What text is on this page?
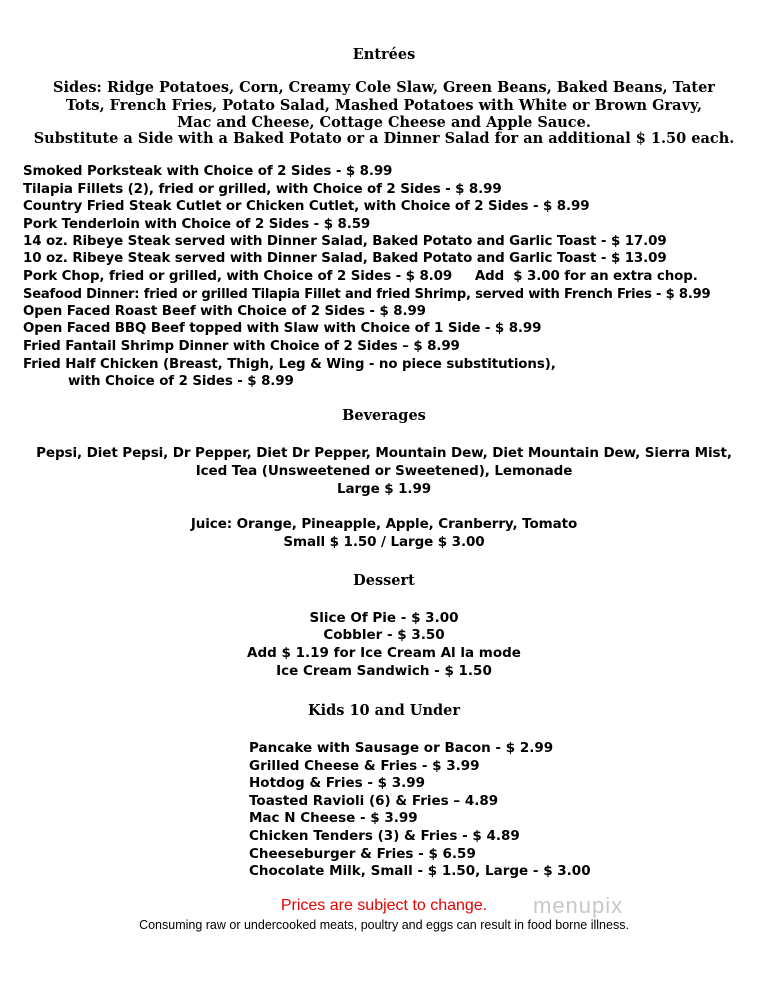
Entrées
Sides: Ridge Potatoes, Corn, Creamy Cole Slaw, Green Beans, Baked Beans, Tater
Tots, French Fries, Potato Salad, Mashed Potatoes with White or Brown Gravy,
Mac and Cheese, Cottage Cheese and Apple Sauce.
Substitute a Side with a Baked Potato or a Dinner Salad for an additional $ 1.50 each.
Smoked Porksteak with Choice of 2 Sides - $ 8.99
Tilapia Fillets (2), fried or grilled, with Choice of 2 Sides - $ 8.99
Country Fried Steak Cutlet or Chicken Cutlet, with Choice of 2 Sides - $ 8.99
Pork Tenderloin with Choice of 2 Sides - $ 8.59
14 oz. Ribeye Steak served with Dinner Salad, Baked Potato and Garlic Toast - $ 17.09
10 oz. Ribeye Steak served with Dinner Salad, Baked Potato and Garlic Toast - $ 13.09
Pork Chop, fried or grilled, with Choice of 2 Sides - $ 8.09     Add  $ 3.00 for an extra chop.
Seafood Dinner: fried or grilled Tilapia Fillet and fried Shrimp, served with French Fries - $ 8.99
Open Faced Roast Beef with Choice of 2 Sides - $ 8.99
Open Faced BBQ Beef topped with Slaw with Choice of 1 Side - $ 8.99
Fried Fantail Shrimp Dinner with Choice of 2 Sides – $ 8.99
Fried Half Chicken (Breast, Thigh, Leg & Wing - no piece substitutions),
with Choice of 2 Sides - $ 8.99
Beverages
Pepsi, Diet Pepsi, Dr Pepper, Diet Dr Pepper, Mountain Dew, Diet Mountain Dew, Sierra Mist,
Iced Tea (Unsweetened or Sweetened), Lemonade
Large $ 1.99
Juice: Orange, Pineapple, Apple, Cranberry, Tomato
Small $ 1.50 / Large $ 3.00
Dessert
Slice Of Pie - $ 3.00
Cobbler - $ 3.50
Add $ 1.19 for Ice Cream Al la mode
Ice Cream Sandwich - $ 1.50
Kids 10 and Under
Pancake with Sausage or Bacon - $ 2.99
Grilled Cheese & Fries - $ 3.99
Hotdog & Fries - $ 3.99
Toasted Ravioli (6) & Fries – 4.89
Mac N Cheese - $ 3.99
Chicken Tenders (3) & Fries - $ 4.89
Cheeseburger & Fries - $ 6.59
Chocolate Milk, Small - $ 1.50, Large - $ 3.00
Prices are subject to change.
Consuming raw or undercooked meats, poultry and eggs can result in food borne illness.
menupix
